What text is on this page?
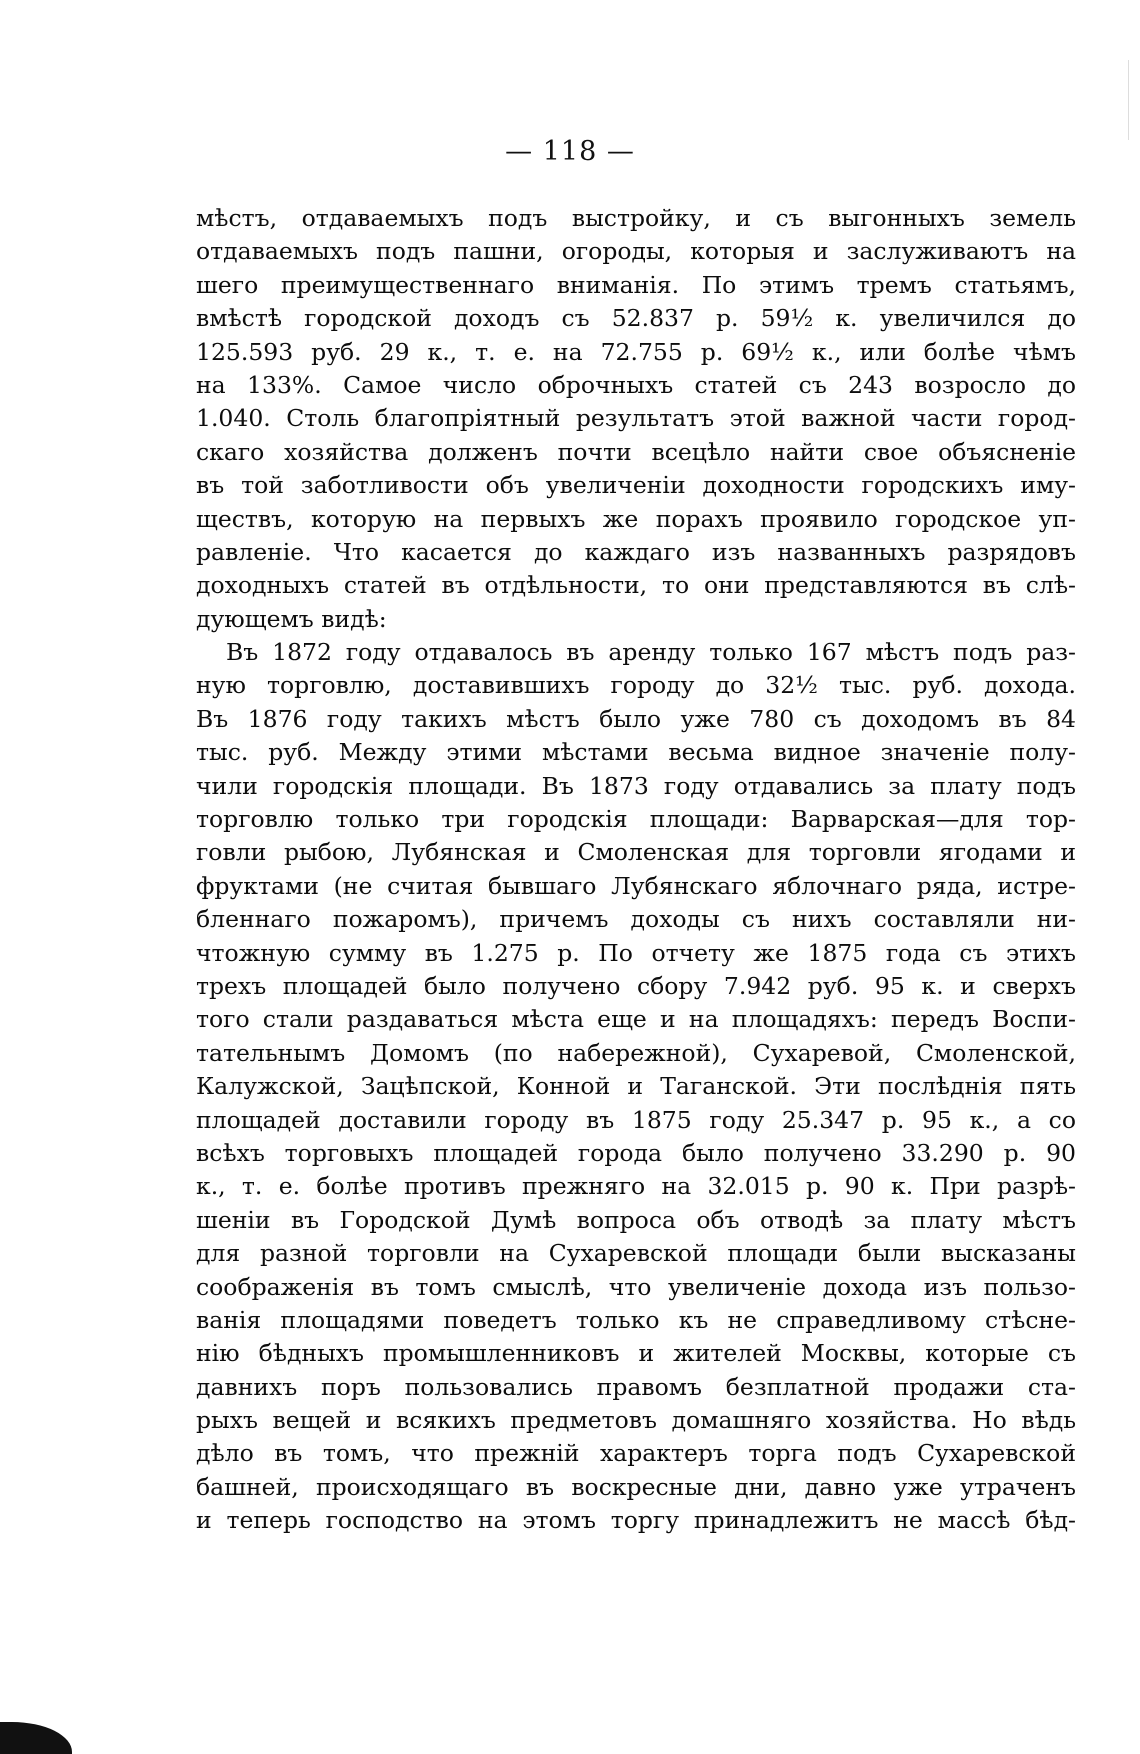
— 118 —
мѣстъ, отдаваемыхъ подъ выстройку, и съ выгонныхъ земель
отдаваемыхъ подъ пашни, огороды, которыя и заслуживаютъ на
шего преимущественнаго вниманія. По этимъ тремъ статьямъ,
вмѣстѣ городской доходъ съ 52.837 р. 59½ к. увеличился до
125.593 руб. 29 к., т. е. на 72.755 р. 69½ к., или болѣе чѣмъ
на 133%. Самое число оброчныхъ статей съ 243 возросло до
1.040. Столь благопріятный результатъ этой важной части город-
скаго хозяйства долженъ почти всецѣло найти свое объясненіе
въ той заботливости объ увеличеніи доходности городскихъ иму-
ществъ, которую на первыхъ же порахъ проявило городское уп-
равленіе. Что касается до каждаго изъ названныхъ разрядовъ
доходныхъ статей въ отдѣльности, то они представляются въ слѣ-
дующемъ видѣ:
Въ 1872 году отдавалось въ аренду только 167 мѣстъ подъ раз-
ную торговлю, доставившихъ городу до 32½ тыс. руб. дохода.
Въ 1876 году такихъ мѣстъ было уже 780 съ доходомъ въ 84
тыс. руб. Между этими мѣстами весьма видное значеніе полу-
чили городскія площади. Въ 1873 году отдавались за плату подъ
торговлю только три городскія площади: Варварская—для тор-
говли рыбою, Лубянская и Смоленская для торговли ягодами и
фруктами (не считая бывшаго Лубянскаго яблочнаго ряда, истре-
бленнаго пожаромъ), причемъ доходы съ нихъ составляли ни-
чтожную сумму въ 1.275 р. По отчету же 1875 года съ этихъ
трехъ площадей было получено сбору 7.942 руб. 95 к. и сверхъ
того стали раздаваться мѣста еще и на площадяхъ: передъ Воспи-
тательнымъ Домомъ (по набережной), Сухаревой, Смоленской,
Калужской, Зацѣпской, Конной и Таганской. Эти послѣднія пять
площадей доставили городу въ 1875 году 25.347 р. 95 к., а со
всѣхъ торговыхъ площадей города было получено 33.290 р. 90
к., т. е. болѣе противъ прежняго на 32.015 р. 90 к. При разрѣ-
шеніи въ Городской Думѣ вопроса объ отводѣ за плату мѣстъ
для разной торговли на Сухаревской площади были высказаны
соображенія въ томъ смыслѣ, что увеличеніе дохода изъ пользо-
ванія площадями поведетъ только къ не справедливому стѣсне-
нію бѣдныхъ промышленниковъ и жителей Москвы, которые съ
давнихъ поръ пользовались правомъ безплатной продажи ста-
рыхъ вещей и всякихъ предметовъ домашняго хозяйства. Но вѣдь
дѣло въ томъ, что прежній характеръ торга подъ Сухаревской
башней, происходящаго въ воскресные дни, давно уже утраченъ
и теперь господство на этомъ торгу принадлежитъ не массѣ бѣд-
